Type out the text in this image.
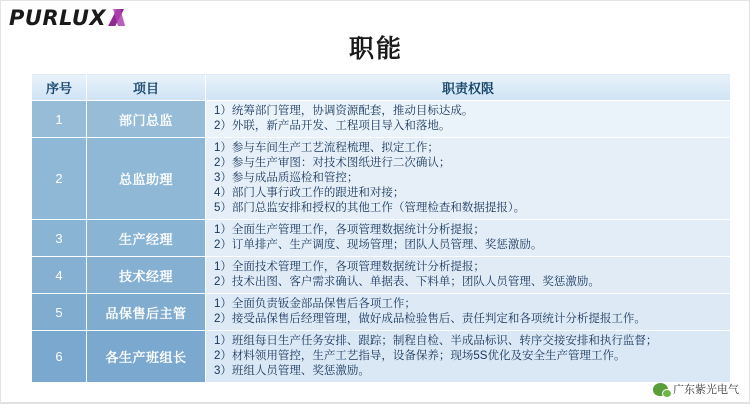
PURLUX
职能
序号	项目	职责权限
1	部门总监	1）统筹部门管理，协调资源配套，推动目标达成。
2）外联，新产品开发、工程项目导入和落地。

2	总监助理	1）参与车间生产工艺流程梳理、拟定工作；
2）参与生产审图：对技术图纸进行二次确认；
3）参与成品质巡检和管控；
4）部门人事行政工作的跟进和对接；
5）部门总监安排和授权的其他工作（管理检查和数据提报）。

3	生产经理	1）全面生产管理工作，各项管理数据统计分析提报；
2）订单排产、生产调度、现场管理；团队人员管理、奖惩激励。

4	技术经理	1）全面技术管理工作，各项管理数据统计分析提报；
2）技术出图、客户需求确认、单据表、下料单；团队人员管理、奖惩激励。

5	品保售后主管	1）全面负责钣金部品保售后各项工作；
2）接受品保售后经理管理，做好成品检验售后、责任判定和各项统计分析提报工作。

6	各生产班组长	1）班组每日生产任务安排、跟踪；制程自检、半成品标识、转序交接安排和执行监督；
2）材料领用管控，生产工艺指导，设备保养；现场5S优化及安全生产管理工作。
3）班组人员管理、奖惩激励。
广东紫光电气
